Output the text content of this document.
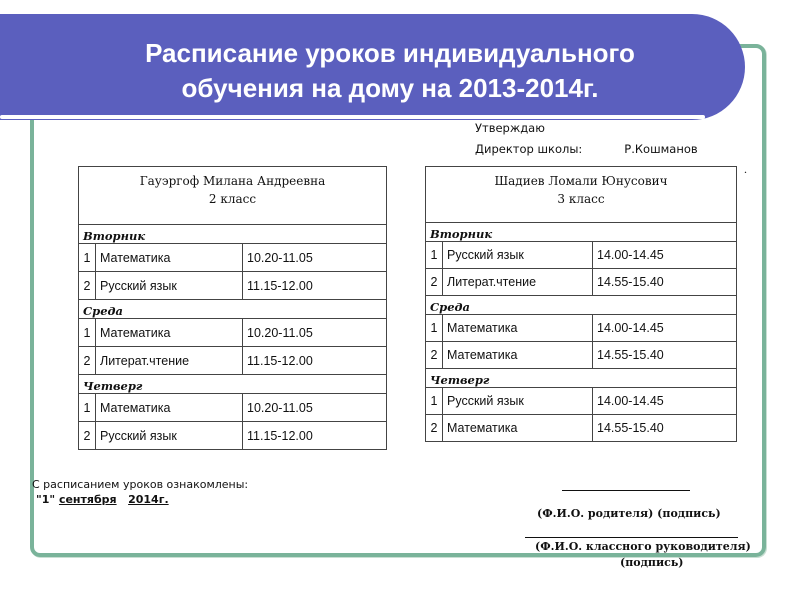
Расписание уроков индивидуального
обучения на дому на 2013-2014г.
Утверждаю
Директор школы:	Р.Кошманов
.
Гауэргоф Милана Андреевна
2 класс		

Вторник		
1	Математика	10.20-11.05
2	Русский язык	11.15-12.00
Среда		
1	Математика	10.20-11.05
2	Литерат.чтение	11.15-12.00
Четверг		
1	Математика	10.20-11.05
2	Русский язык	11.15-12.00
Шадиев Ломали Юнусович
3 класс		

Вторник		
1	Русский язык	14.00-14.45
2	Литерат.чтение	14.55-15.40
Среда		
1	Математика	14.00-14.45
2	Математика	14.55-15.40
Четверг		
1	Русский язык	14.00-14.45
2	Математика	14.55-15.40
С расписанием уроков ознакомлены:
"1" сентября 2014г.
(Ф.И.О. родителя) (подпись)
(Ф.И.О. классного руководителя)
(подпись)
